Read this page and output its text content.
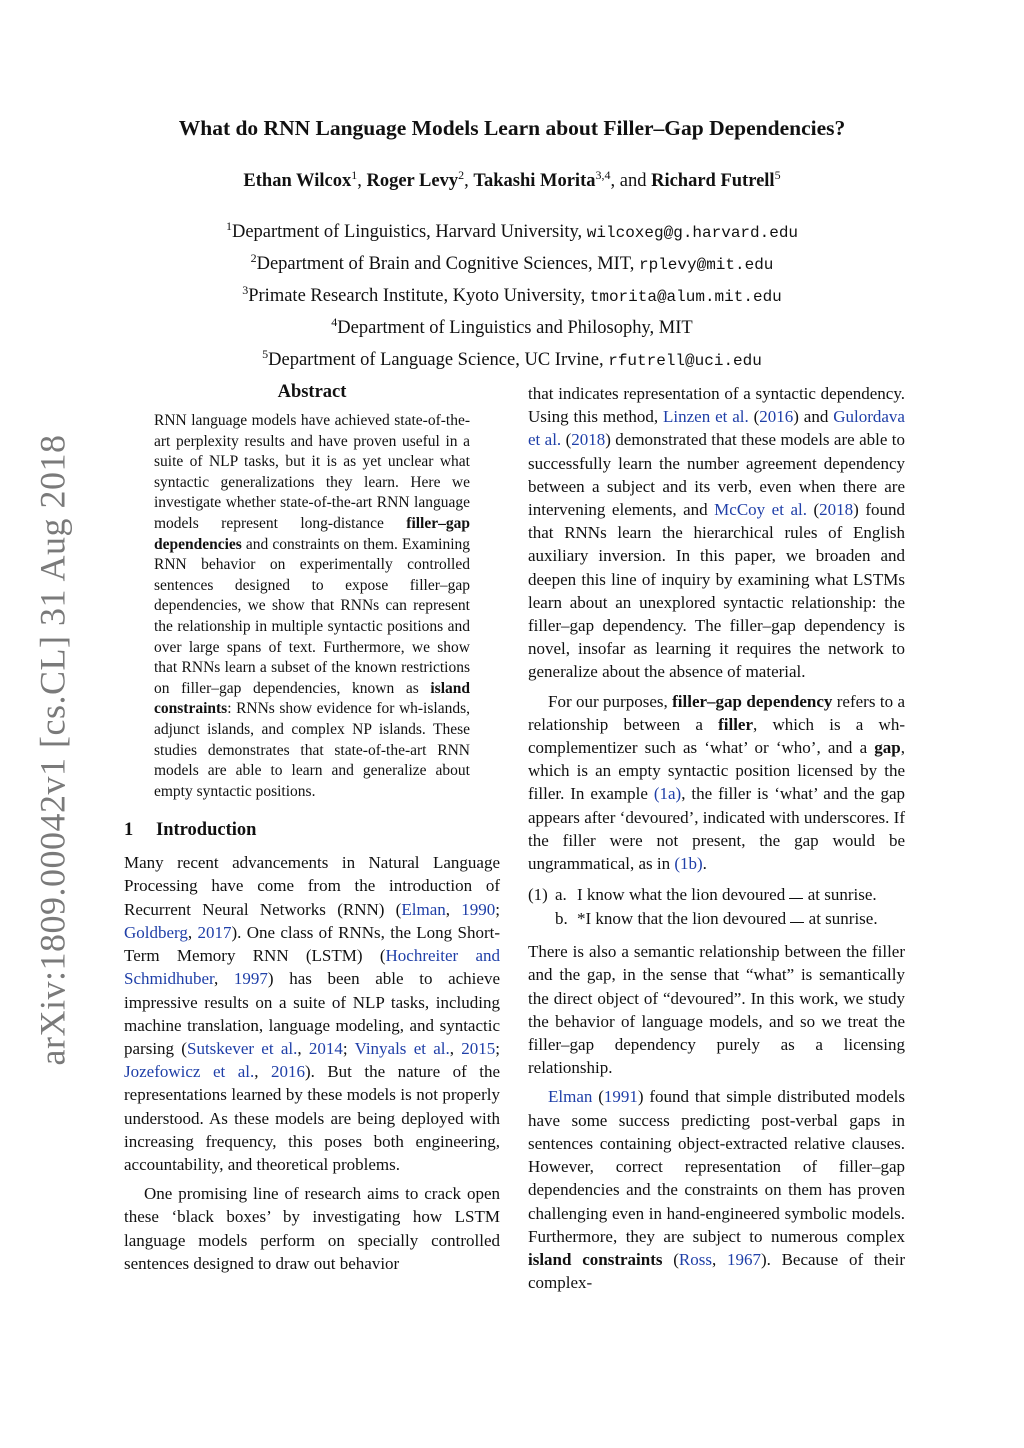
arXiv:1809.00042v1 [cs.CL] 31 Aug 2018
What do RNN Language Models Learn about Filler–Gap Dependencies?
Ethan Wilcox$^1$, Roger Levy$^2$, Takashi Morita$^{3,4}$, and Richard Futrell$^5$
$^1$Department of Linguistics, Harvard University, wilcoxeg@g.harvard.edu
$^2$Department of Brain and Cognitive Sciences, MIT, rplevy@mit.edu
$^3$Primate Research Institute, Kyoto University, tmorita@alum.mit.edu
$^4$Department of Linguistics and Philosophy, MIT
$^5$Department of Language Science, UC Irvine, rfutrell@uci.edu
Abstract

RNN language models have achieved state-of-the-art perplexity results and have proven useful in a suite of NLP tasks, but it is as yet unclear what syntactic generalizations they learn. Here we investigate whether state-of-the-art RNN language models represent long-distance filler–gap dependencies and constraints on them. Examining RNN behavior on experimentally controlled sentences designed to expose filler–gap dependencies, we show that RNNs can represent the relationship in multiple syntactic positions and over large spans of text. Furthermore, we show that RNNs learn a subset of the known restrictions on filler–gap dependencies, known as island constraints: RNNs show evidence for wh-islands, adjunct islands, and complex NP islands. These studies demonstrates that state-of-the-art RNN models are able to learn and generalize about empty syntactic positions.

1 Introduction

Many recent advancements in Natural Language Processing have come from the introduction of Recurrent Neural Networks (RNN) (Elman, 1990; Goldberg, 2017). One class of RNNs, the Long Short-Term Memory RNN (LSTM) (Hochreiter and Schmidhuber, 1997) has been able to achieve impressive results on a suite of NLP tasks, including machine translation, language modeling, and syntactic parsing (Sutskever et al., 2014; Vinyals et al., 2015; Jozefowicz et al., 2016). But the nature of the representations learned by these models is not properly understood. As these models are being deployed with increasing frequency, this poses both engineering, accountability, and theoretical problems.

One promising line of research aims to crack open these ‘black boxes’ by investigating how LSTM language models perform on specially controlled sentences designed to draw out behavior

that indicates representation of a syntactic dependency. Using this method, Linzen et al. (2016) and Gulordava et al. (2018) demonstrated that these models are able to successfully learn the number agreement dependency between a subject and its verb, even when there are intervening elements, and McCoy et al. (2018) found that RNNs learn the hierarchical rules of English auxiliary inversion. In this paper, we broaden and deepen this line of inquiry by examining what LSTMs learn about an unexplored syntactic relationship: the filler–gap dependency. The filler–gap dependency is novel, insofar as learning it requires the network to generalize about the absence of material.

For our purposes, filler–gap dependency refers to a relationship between a filler, which is a wh-complementizer such as ‘what’ or ‘who’, and a gap, which is an empty syntactic position licensed by the filler. In example (1a), the filler is ‘what’ and the gap appears after ‘devoured’, indicated with underscores. If the filler were not present, the gap would be ungrammatical, as in (1b).

(1) a. I know what the lion devoured at sunrise.
b. *I know that the lion devoured at sunrise.

There is also a semantic relationship between the filler and the gap, in the sense that “what” is semantically the direct object of “devoured”. In this work, we study the behavior of language models, and so we treat the filler–gap dependency purely as a licensing relationship.

Elman (1991) found that simple distributed models have some success predicting post-verbal gaps in sentences containing object-extracted relative clauses. However, correct representation of filler–gap dependencies and the constraints on them has proven challenging even in hand-engineered symbolic models. Furthermore, they are subject to numerous complex island constraints (Ross, 1967). Because of their complex-
